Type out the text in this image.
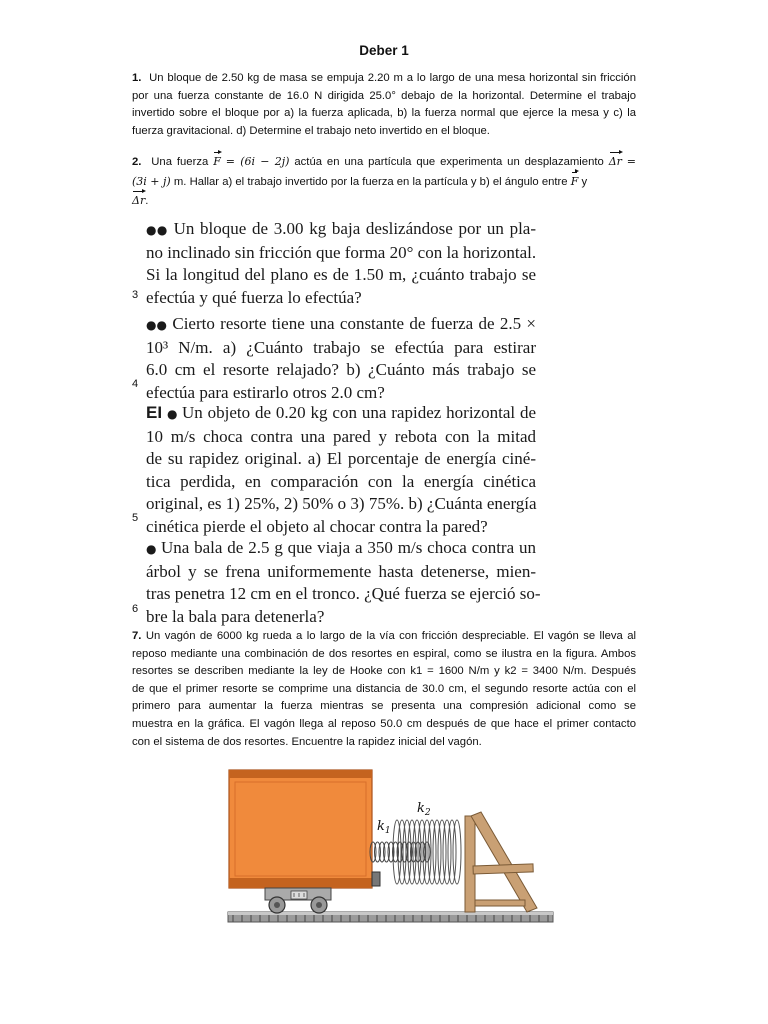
Deber 1
1. Un bloque de 2.50 kg de masa se empuja 2.20 m a lo largo de una mesa horizontal sin fricción
por una fuerza constante de 16.0 N dirigida 25.0° debajo de la horizontal. Determine el trabajo
invertido sobre el bloque por a) la fuerza aplicada, b) la fuerza normal que ejerce la mesa y c) la
fuerza gravitacional. d) Determine el trabajo neto invertido en el bloque.
2. Una fuerza F = (6i − 2j) actúa en una partícula que experimenta un desplazamiento Δr =
(3i + j) m. Hallar a) el trabajo invertido por la fuerza en la partícula y b) el ángulo entre F y
Δr.
●● Un bloque de 3.00 kg baja deslizándose por un pla-
no inclinado sin fricción que forma 20° con la horizontal.
Si la longitud del plano es de 1.50 m, ¿cuánto trabajo se
efectúa y qué fuerza lo efectúa?
3
●● Cierto resorte tiene una constante de fuerza de 2.5 ×
10³ N/m. a) ¿Cuánto trabajo se efectúa para estirar
6.0 cm el resorte relajado? b) ¿Cuánto más trabajo se
efectúa para estirarlo otros 2.0 cm?
4
EI ● Un objeto de 0.20 kg con una rapidez horizontal de
10 m/s choca contra una pared y rebota con la mitad
de su rapidez original. a) El porcentaje de energía ciné-
tica perdida, en comparación con la energía cinética
original, es 1) 25%, 2) 50% o 3) 75%. b) ¿Cuánta energía
cinética pierde el objeto al chocar contra la pared?
5
● Una bala de 2.5 g que viaja a 350 m/s choca contra un
árbol y se frena uniformemente hasta detenerse, mien-
tras penetra 12 cm en el tronco. ¿Qué fuerza se ejerció so-
bre la bala para detenerla?
6
7. Un vagón de 6000 kg rueda a lo largo de la vía con fricción despreciable. El vagón se lleva al
reposo mediante una combinación de dos resortes en espiral, como se ilustra en la figura. Ambos
resortes se describen mediante la ley de Hooke con k1 = 1600 N/m y k2 = 3400 N/m. Después
de que el primer resorte se comprime una distancia de 30.0 cm, el segundo resorte actúa con el
primero para aumentar la fuerza mientras se presenta una compresión adicional como se
muestra en la gráfica. El vagón llega al reposo 50.0 cm después de que hace el primer contacto
con el sistema de dos resortes. Encuentre la rapidez inicial del vagón.
$k_2$
$k_1$
